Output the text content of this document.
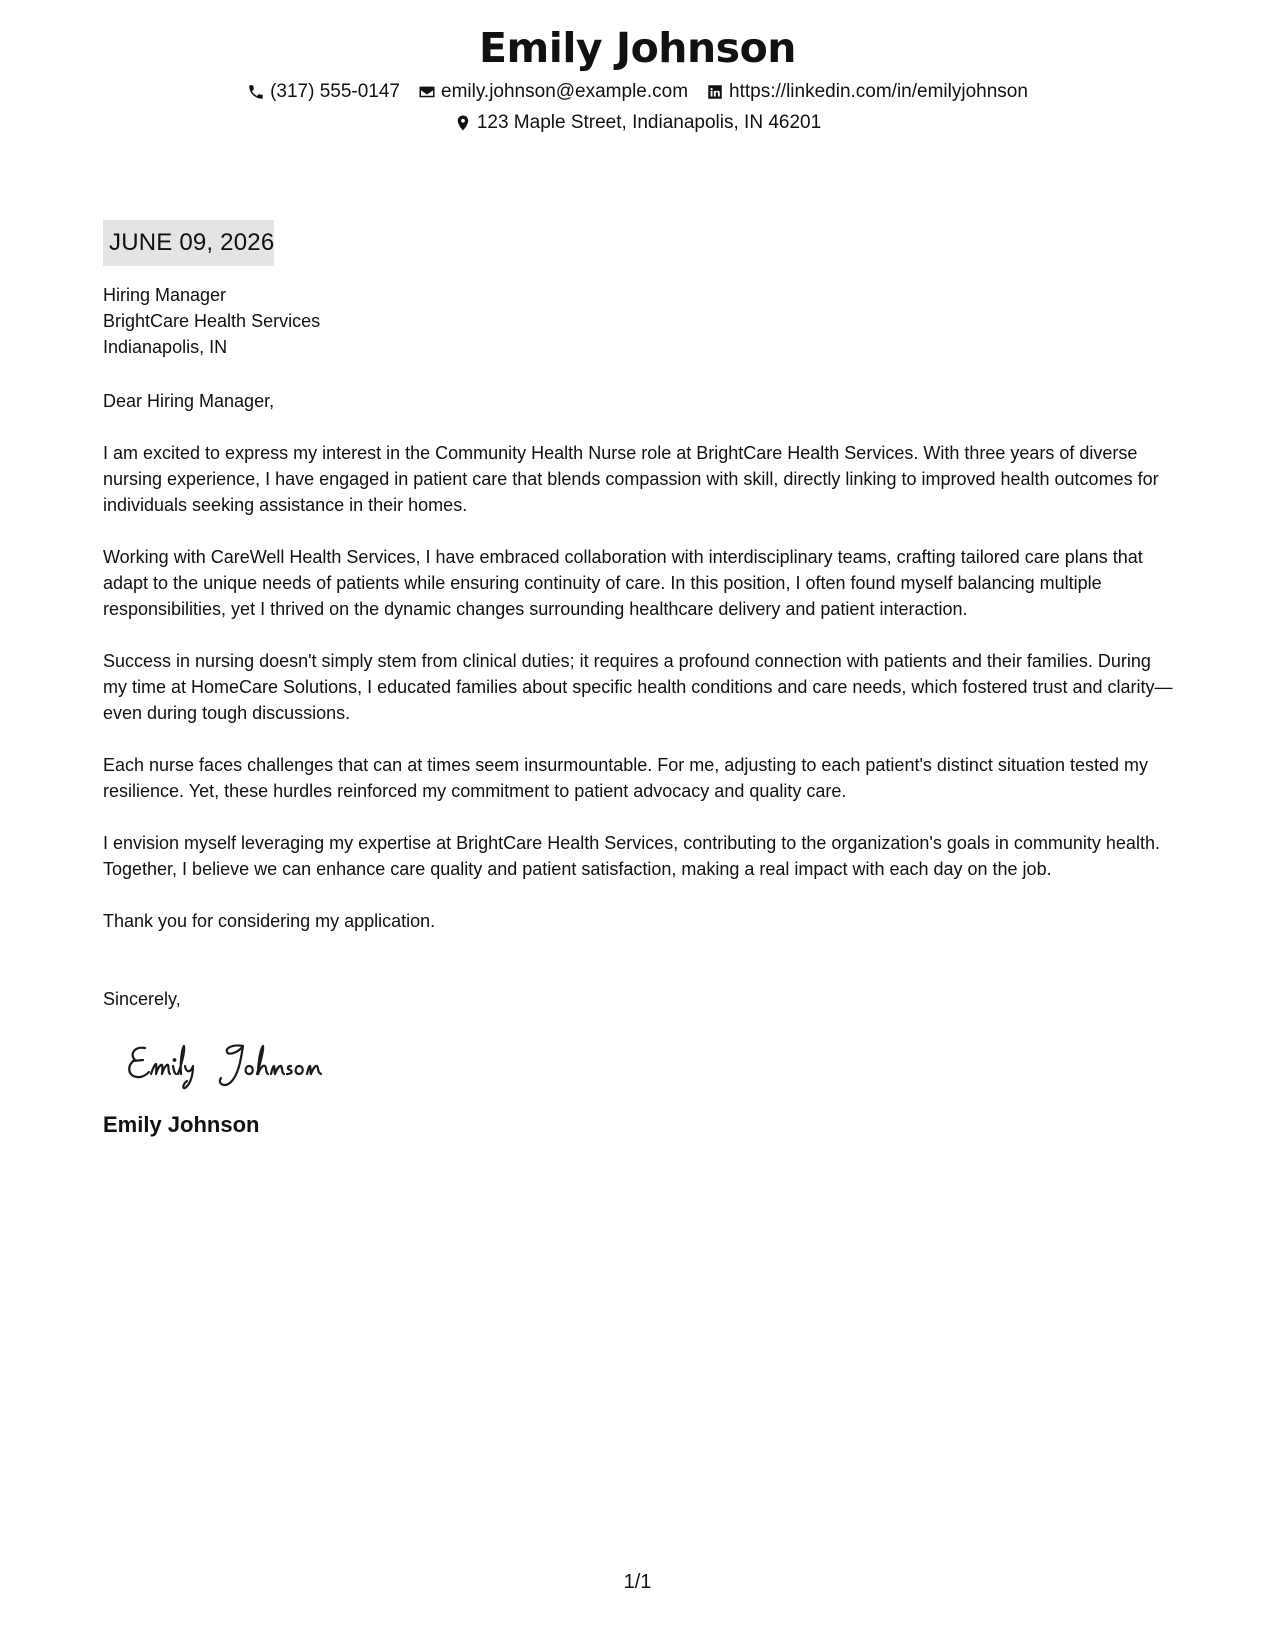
Emily Johnson
(317) 555-0147 emily.johnson@example.com https://linkedin.com/in/emilyjohnson
123 Maple Street, Indianapolis, IN 46201
JUNE 09, 2026
Hiring Manager
BrightCare Health Services
Indianapolis, IN
Dear Hiring Manager,

I am excited to express my interest in the Community Health Nurse role at BrightCare Health Services. With three years of diverse nursing experience, I have engaged in patient care that blends compassion with skill, directly linking to improved health outcomes for individuals seeking assistance in their homes.

Working with CareWell Health Services, I have embraced collaboration with interdisciplinary teams, crafting tailored care plans that adapt to the unique needs of patients while ensuring continuity of care. In this position, I often found myself balancing multiple responsibilities, yet I thrived on the dynamic changes surrounding healthcare delivery and patient interaction.

Success in nursing doesn't simply stem from clinical duties; it requires a profound connection with patients and their families. During my time at HomeCare Solutions, I educated families about specific health conditions and care needs, which fostered trust and clarity—even during tough discussions.

Each nurse faces challenges that can at times seem insurmountable. For me, adjusting to each patient's distinct situation tested my resilience. Yet, these hurdles reinforced my commitment to patient advocacy and quality care.

I envision myself leveraging my expertise at BrightCare Health Services, contributing to the organization's goals in community health. Together, I believe we can enhance care quality and patient satisfaction, making a real impact with each day on the job.

Thank you for considering my application.

Sincerely,
Emily Johnson
1/1
